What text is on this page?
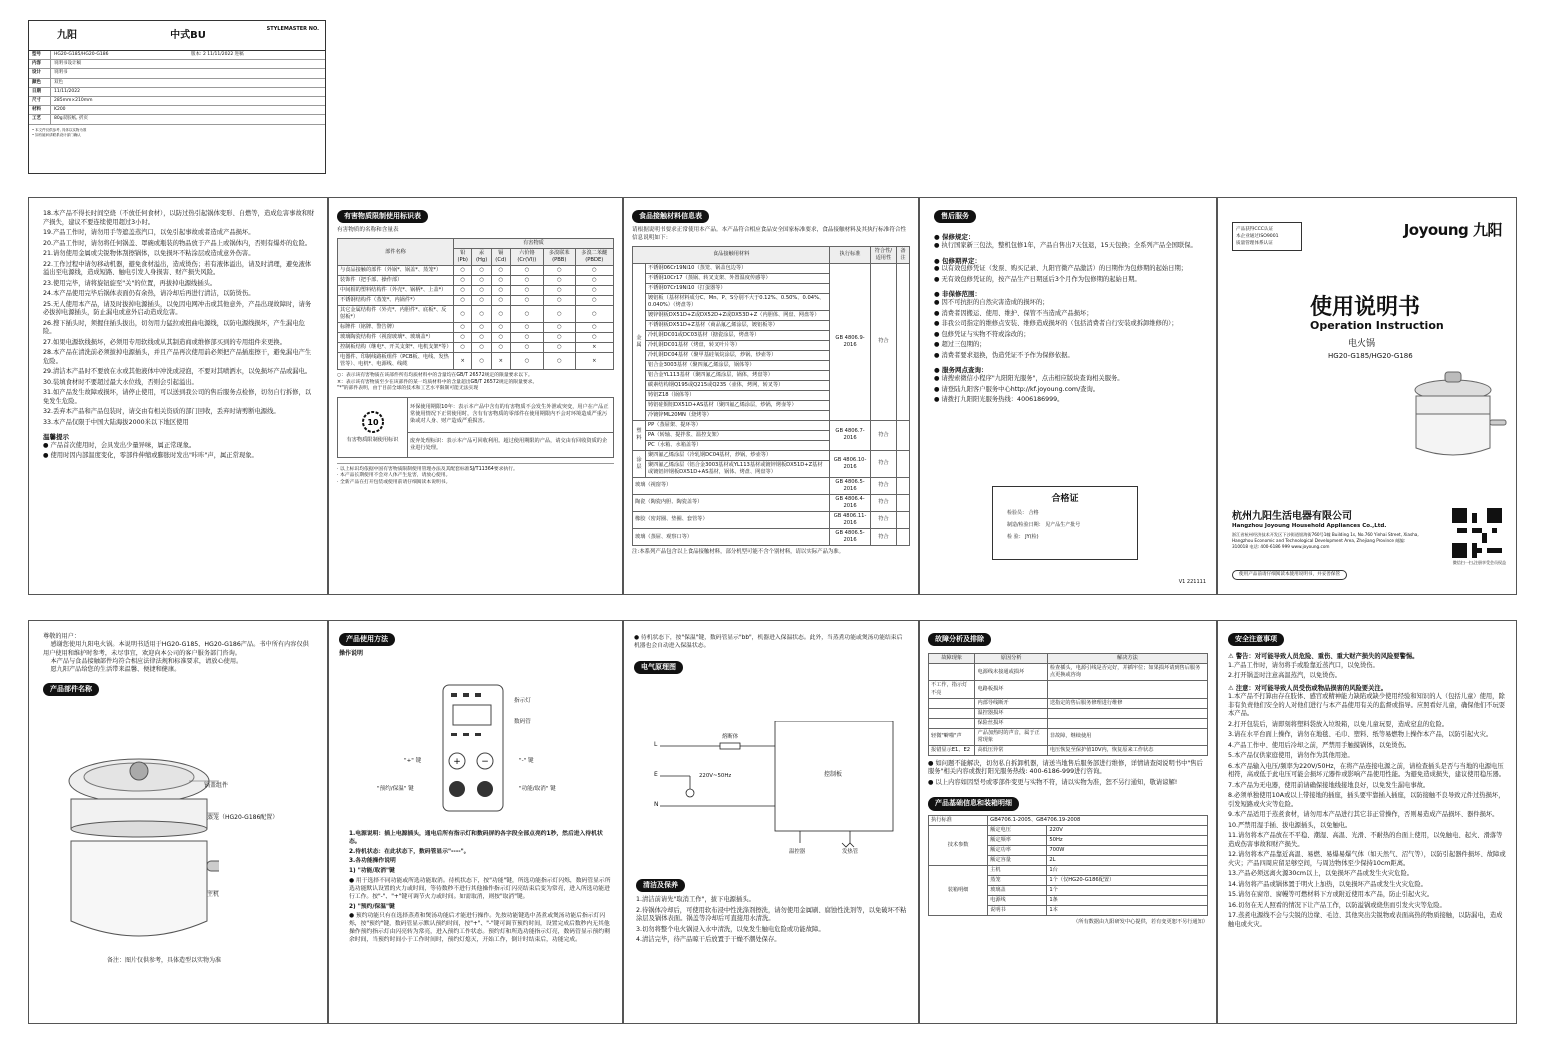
九阳	中式BU
STYLEMASTER NO.
型号	HG20-G185/HG20-G186	版本: 2 11/11/2022 进稿
内容	说明书设计稿
设计	说明书
颜色	双色
日期	11/11/2022
尺寸	285mm×210mm
材料	K200
工艺	80g双胶纸, 折页
• 本文件仅供参考, 具体以实物为准
• 如有疑问请联系设计部门确认
18.本产品不得长时间空烧（不放任何食材），以防过热引起锅体变形、自燃等，造成危害事故和财产损失，建议不要连续使用超过3小时。
19.产品工作时，请勿用手等遮盖蒸汽口，以免引起事故或者造成产品损坏。
20.产品工作时，请勿将任何锅盖、罩碗或瓶装的物品放于产品上或锅体内，否则有爆炸的危险。
21.请勿使用金属或尖锐物体刮擦锅体，以免损坏不粘涂层或造成意外伤害。
22.工作过程中请勿移动机器，避免食材溢出，造成烫伤；若有液体溢出，请及时清理，避免液体溢出至电源线，造成短路、触电引发人身损害、财产损失风险。
23.使用完毕，请将旋钮旋至"关"的位置，再拔掉电源线插头。
24.本产品使用完毕后锅体表面仍有余热，请冷却后再进行清洁，以防烫伤。
25.无人使用本产品，请及时拔掉电源插头，以免因电网冲击或其他意外，产品出现故障时，请务必拔掉电源插头，防止漏电或意外启动造成危害。
26.搜下插头时，须握住插头拔出，切勿用力猛拉或扭曲电源线，以防电源线损坏，产生漏电危险。
27.如果电源软线损坏，必须用专用软线或从其制造商或维修部买到的专用组件来更换。
28.本产品在清洗前必须拔掉电源插头，并且产品再次使用前必须把产品插座擦干，避免漏电产生危险。
29.清洁本产品时不要放在水或其他液体中冲洗或浸泡，不要对其喷洒水，以免损坏产品或漏电。
30.装填食材时不要超过最大水位线，否则会引起溢出。
31.如产品发生故障或损坏，请停止使用，可以送到我公司的售后服务点检修，切勿自行拆修，以免发生危险。
32.丢弃本产品和产品包装时，请交由有相关资质的部门回收，丢弃时请剪断电源线。
33.本产品仅限于中国大陆海拔2000米以下地区使用
温馨提示
● 产品首次使用时，会具发出少量异味，属正常现象。
● 使用时因内部温度变化，零部件伸缩或膨胀时发出"咔咔"声，属正常现象。
有害物质限制使用标识表
有害物质的名称和含量表
部件名称	有害物质					
	铅(Pb)	汞(Hg)	镉(Cd)	六价铬(Cr(VI))	多溴联苯(PBB)	多溴二苯醚(PBDE)
与食品接触的部件（外锅*、锅盖*、蒸笼*）	○	○	○	○	○	○
装饰件（把手部、操作部）	○	○	○	○	○	○
中间相的塑料结构件（外壳*、锅柄*、上盖*）	○	○	○	○	○	○
不锈钢结构件（蒸笼*、内锅件*）	○	○	○	○	○	○
其它金属结构件（外壳*、内胆件*、底板*、反射板*）	○	○	○	○	○	○
标牌件（铭牌、警告牌）	○	○	○	○	○	○
玻璃陶瓷结构件（视窗玻璃*、玻璃盖*）	○	○	○	○	○	○
控制板结构（继电*、开关支架*、电机支架*等）	○	○	○	○	○	×
电器件、印制线路板组件（PCB板、电线、发热管等）、电机*、电源线、线缆	×	○	×	○	○	×
○：表示该有害物质在该部件所有均质材料中的含量均在GB/T 26572规定的限量要求以下。
×：表示该有害物质至少在该部件的某一均质材料中的含量超出GB/T 26572规定的限量要求。
"*"的部件表明，由于目前全球的技术和工艺水平限制可能无法实现
10

有害物质限制使用标识	环保使用期限10年：表示本产品中含有的有害物质不会发生外泄或突变，用户在产品正常使用情况下正常使用时，含有有害物质的零部件在使用期限内不会对环境造成严重污染或对人身、财产造成严重损害。
废弃处理标识：表示本产品可回收利用。超过使用期限的产品，请交由有回收资质的企业进行处理。
· 以上标识均依据中国有害物质限制使用管理办法及其配套标准SJ/T11364要求执行。
· 本产品长期使用不会对人体产生危害，请放心使用。
· 全新产品在打开包装或使用前请仔细阅读本说明书。
食品接触材料信息表
请根据说明书要求正常使用本产品。本产品符合相应食品安全国家标准要求，食品接触材料及其执行标准符合性信息说明如下：
食品接触用材料		执行标准	符合性/适用性	备注
金属	不锈钢06Cr19Ni10（蒸笼、锅盖包边等）	GB 4806.9-2016	符合	
	不锈钢10Cr17（蒸锅、转叉支架、外置温度传感等）			
	不锈钢07Cr19Ni10（打蛋器等）			
	镀铝板（基材材料成分C、Mn、P、S分别不大于0.12%、0.50%、0.04%、0.040%）（烤盘等）			
	镀锌钢板DX51D+Z或DX52D+Z或DX53D+Z（内胆体、网盘、网盘等）			
	不锈钢板DX51D+Z基材（商品氟乙烯涂层，镀铝板等）			
	冷轧钢DC01或DC03基材（搪瓷涂层，烤盘等）			
	冷轧钢DC01基材（烤盘，转叉叶片等）			
	冷轧钢DC04基材（聚甲基硅氧烷涂层，炒锅，炒壶等）			
	铝合金3003基材（聚四氟乙烯涂层，锅体等）			
	铝合金YL113基材（聚四氟乙烯涂层，锅体，烤盘等）			
	碳素结构钢Q195或Q215或Q235（壶体，烤网，转叉等）			
	铸铝Z18（锅体等）			
	铸铝硅铜铝DX51D+AS基材（聚四氟乙烯涂层，炒锅，烤壶等）			
	冷镀锌ML20MN（烧烤等）			
塑料	PP（蒸屉架、提环等）	GB 4806.7-2016	符合	
	PA（转轴、提拌浆、温控支架）			
	PC（水箱、水箱盖等）			
涂层	聚四氟乙烯涂层（冷轧钢DC04基材，炒锅，炒壶等）	GB 4806.10-2016	符合	
	聚四氟乙烯涂层（铝合金3003基材或YL113基材或镀锌钢板DX51D+Z基材或镀铝锌钢板DX51D+AS基材，锅体、烤盘、网盘等）			
玻璃（视窗等）		GB 4806.5-2016	符合	
陶瓷（陶瓷内胆、陶瓷盖等）		GB 4806.4-2016	符合	
橡胶（密封圈、垫圈、套管等）		GB 4806.11-2016	符合	
玻璃（蒸屉、观察口等）		GB 4806.5-2016	符合	
注:本系列产品包含以上食品接触材料，部分机型可能不含个别材料，请以实际产品为准。
售后服务
● 保修规定：
● 执行国家新三包法，整机包修1年，产品自售出7天包退，15天包换；全系列产品全国联保。
● 包修期界定：
● 以有效包修凭证（发票、购买记录、九阳官微产品激活）的日期作为包修期的起始日期；
● 无有效包修凭证的，按产品生产日期延后3个月作为包修期的起始日期。
● 非保修范围：
● 因不可抗拒的自然灾害造成的损坏的；
● 消费者因搬运、使用、维护、保管不当造成产品损坏；
● 非我公司指定的维修点安装、维修造成损坏的（包括消费者自行安装或拆卸维修的）；
● 包修凭证与实物不符或涂改的；
● 超过三包期的；
● 消费者要求退换，伪造凭证不予作为保修依据。
● 服务网点查询：
● 请搜索微信小程序"九阳阳光服务"，点击相应版块查询相关服务。
● 请登陆九阳客户服务中心http://kf.joyoung.com/查询。
● 请拨打九阳阳光服务热线：4006186999。
合格证
检验员： 合格
制造/检验日期： 见产品生产批号
检 验： JY(检)
V1 221111
产品获得CCC认证
本企业通过ISO9001
质量管理体系认证
Joyoung 九阳
使用说明书
Operation Instruction
电火锅
HG20-G185/HG20-G186
杭州九阳生活电器有限公司
Hangzhou Joyoung Household Appliances Co.,Ltd.
浙江省杭州经济技术开发区下沙街道银海街760号1幢 Building 1s, No.760 Yinhai Street, Xiasha, Hangzhou Economic and Technological Development Area, Zhejiang Province 邮编: 310018 电话: 400-6186 999 www.joyoung.com
微信扫一扫,注册享受会员权益
使用产品前请仔细阅读本使用说明书，并妥善保管
尊敬的用户：
感谢您使用九阳电火锅。本说明书适用于HG20-G185、HG20-G186产品。书中所有内容仅供用户使用和维护时参考，未尽事宜，欢迎向本公司的客户服务部门咨询。
本产品与食品接触部件均符合相应法律法规和标准要求，请放心使用。
愿九阳产品给您的生活带来温馨、便捷和健康。
产品部件名称
锅盖组件
蒸笼（HG20-G186配置）
主机
备注：图片仅供参考，具体造型以实物为准
产品使用方法
操作说明
+ −
指示灯
数码管
"+" 键	"-" 键
"预约/保温" 键	"功能/取消" 键
1.电源说明：插上电源插头，通电后所有指示灯和数码屏的各字段全部点亮约1秒，然后进入待机状态。
2.待机状态：在此状态下，数码管显示"----"。
3.各功能操作说明
1) "功能/取消"键
● 用于选择不同功能或所选功能取消。待机状态下，按"功能"键，所选功能指示灯闪烁，数码管显示所选功能默认设置的火力或时间，等待数秒不进行其他操作指示灯闪亮结束后变为常亮，进入所选功能进行工作。按"-"、"+"键可调节火力或时间。如需取消，则按"取消"键。
2) "预约/保温"键
● 预约功能只有在选择蒸煮和煲汤功能后才能进行操作。先按功能键选中蒸煮或煲汤功能后指示灯闪烁，按"预约"键，数码管显示默认预约时间，按"+"、"-"键可调节预约时间，设置完成后数秒内无其他操作预约指示灯由闪亮转为常亮，进入预约工作状态。预约灯和所选功能指示灯亮，数码管显示预约剩余时间，当预约时间小于工作时间时，预约灯熄灭，开始工作，倒计时结束后，功能完成。
● 待机状态下，按"保温"键，数码管显示"bb"，机器进入保温状态。此外，当蒸煮功能或煲汤功能结束后机器也会自动进入保温状态。
电气原理图
L
E
N
熔断体
220V~50Hz	控制板
温控器	发热管
清洁及保养
1.清洁前请先"取消工作"，拔下电源插头。
2.待锅体冷却后，可使用软布浸中性洗涤剂擦洗，请勿使用金属刷、腐蚀性洗剂等，以免破坏不粘涂层及锅体表面。锅盖等冷却后可直接用水清洗。
3.切勿将整个电火锅浸入水中清洗，以免发生触电危险或功能故障。
4.清洁完毕，待产品晾干后放置于干燥不潮处保存。
故障分析及排除
故障现象	原因分析	解决方法
	电源线未接通或损坏	检查插头，电源引线是否完好，并插牢位；如果损坏请到售后服务点更换或咨询
不工作，指示灯不亮	电路板损坏	
	内部导线断开	送指定的售后服务修理进行维修
	温控器损坏	
	保险丝损坏	
轻微"噼啪"声	产品加热时的声音，属于正常现象	非故障，继续使用
报错显示E1、E2	高低压异常	电压恢复至保护值10V内，恢复原来工作状态
● 如问题不能解决，切勿私自拆卸机器，请送当地售后服务部进行维修，详情请查阅说明书中"售后服务"相关内容或拨打阳光服务热线: 400-6186-999进行咨询。
● 以上内容如因型号或零部件变更与实物不符，请以实物为准，恕不另行通知，敬请谅解!
产品基础信息和装箱明细
执行标准	GB4706.1-2005、GB4706.19-2008	
技术参数	额定电压	220V
	额定频率	50Hz
	额定功率	700W
	额定容量	2L
装箱明细	主机	1台
	蒸笼	1个（仅HG20-G186配置）
	玻璃盖	1个
	电源线	1条
	说明书	1本
（所有数据由九阳研发中心提供，若有变更恕不另行通知）
安全注意事项
⚠ 警告：对可能导致人员危险、重伤、重大财产损失的风险要警惕。
1.产品工作时，请勿将手或脸靠近蒸汽口，以免烫伤。
2.打开锅盖时注意高温蒸汽，以免烫伤。
⚠ 注意：对可能导致人员受伤或物品损害的风险要关注。
1.本产品不打算由存在肢体、感官或精神能力缺陷或缺少使用经验和知识的人（包括儿童）使用，除非有负责他们安全的人对他们进行与本产品使用有关的监督或指导。应照看好儿童，确保他们不玩耍本产品。
2.打开包装后，请即刻将塑料袋放入垃圾箱，以免儿童玩耍，造成窒息的危险。
3.请在水平台面上操作，请勿在地毯、毛巾、塑料、纸等易燃物上操作本产品，以防引起火灾。
4.产品工作中、使用后冷却之前，严禁用手触摸锅体，以免烫伤。
5.本产品仅供家庭使用，请勿作为其他用途。
6.本产品输入电压/频率为220V/50Hz，在将产品连接电源之前，请检查插头是否与当地的电源电压相符，高或低于此电压可能会损坏元器件或影响产品使用性能。为避免造成损失，建议使用稳压器。
7.本产品为无电器，使用前请确保接地线接地良好，以免发生漏电事故。
8.必须单独使用10A或以上带接地的插座，插头要牢靠插入插座，以防接触不良导致元件过热损坏，引发短路或火灾等危险。
9.本产品适用于蒸煮食材，请勿用本产品进行其它非正常操作，否则易造成产品损坏、器件损坏。
10.严禁用湿手插、拔电源插头，以免触电。
11.请勿将本产品放在不平稳、潮湿、高温、光滑、不耐热的台面上使用，以免触电、起火、滑落等造成伤害事故和财产损失。
12.请勿将本产品靠近高温、易燃、易爆易爆气体（如天然气、沼气等），以防引起器件损坏、故障或火灾；产品四周应留足够空间，与周边物体至少保持10cm距离。
13.产品必须远离火源30cm以上，以免损坏产品或发生火灾危险。
14.请勿将产品或锅体置于明火上加热，以免损坏产品或发生火灾危险。
15.请勿在窗帘、窗幔等可燃材料下方或附近使用本产品，防止引起火灾。
16.切勿在无人照看的情况下让产品工作，以防溢锅或烧焦而引发火灾等危险。
17.蒸煮电源线不会与尖锐的边缘、毛边、其他突出尖锐物或表面高热的物质接触，以防漏电，造成触电或火灾。
